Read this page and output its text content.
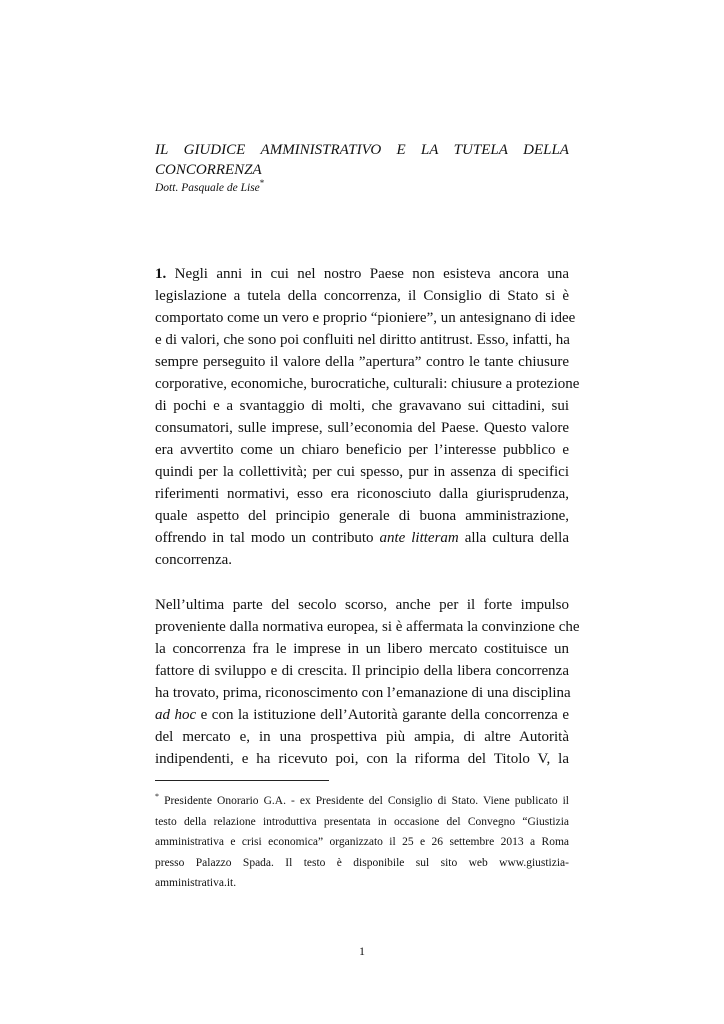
IL GIUDICE AMMINISTRATIVO E LA TUTELA DELLA
CONCORRENZA
Dott. Pasquale de Lise*
1. Negli anni in cui nel nostro Paese non esisteva ancora una
legislazione a tutela della concorrenza, il Consiglio di Stato si è
comportato come un vero e proprio “pioniere”, un antesignano di idee
e di valori, che sono poi confluiti nel diritto antitrust. Esso, infatti, ha
sempre perseguito il valore della ”apertura” contro le tante chiusure
corporative, economiche, burocratiche, culturali: chiusure a protezione
di pochi e a svantaggio di molti, che gravavano sui cittadini, sui
consumatori, sulle imprese, sull’economia del Paese. Questo valore
era avvertito come un chiaro beneficio per l’interesse pubblico e
quindi per la collettività; per cui spesso, pur in assenza di specifici
riferimenti normativi, esso era riconosciuto dalla giurisprudenza,
quale aspetto del principio generale di buona amministrazione,
offrendo in tal modo un contributo ante litteram alla cultura della
concorrenza.
Nell’ultima parte del secolo scorso, anche per il forte impulso
proveniente dalla normativa europea, si è affermata la convinzione che
la concorrenza fra le imprese in un libero mercato costituisce un
fattore di sviluppo e di crescita. Il principio della libera concorrenza
ha trovato, prima, riconoscimento con l’emanazione di una disciplina
ad hoc e con la istituzione dell’Autorità garante della concorrenza e
del mercato e, in una prospettiva più ampia, di altre Autorità
indipendenti, e ha ricevuto poi, con la riforma del Titolo V, la
* Presidente Onorario G.A. - ex Presidente del Consiglio di Stato. Viene publicato il
testo della relazione introduttiva presentata in occasione del Convegno “Giustizia
amministrativa e crisi economica” organizzato il 25 e 26 settembre 2013 a Roma
presso Palazzo Spada. Il testo è disponibile sul sito web www.giustizia-
amministrativa.it.
1
